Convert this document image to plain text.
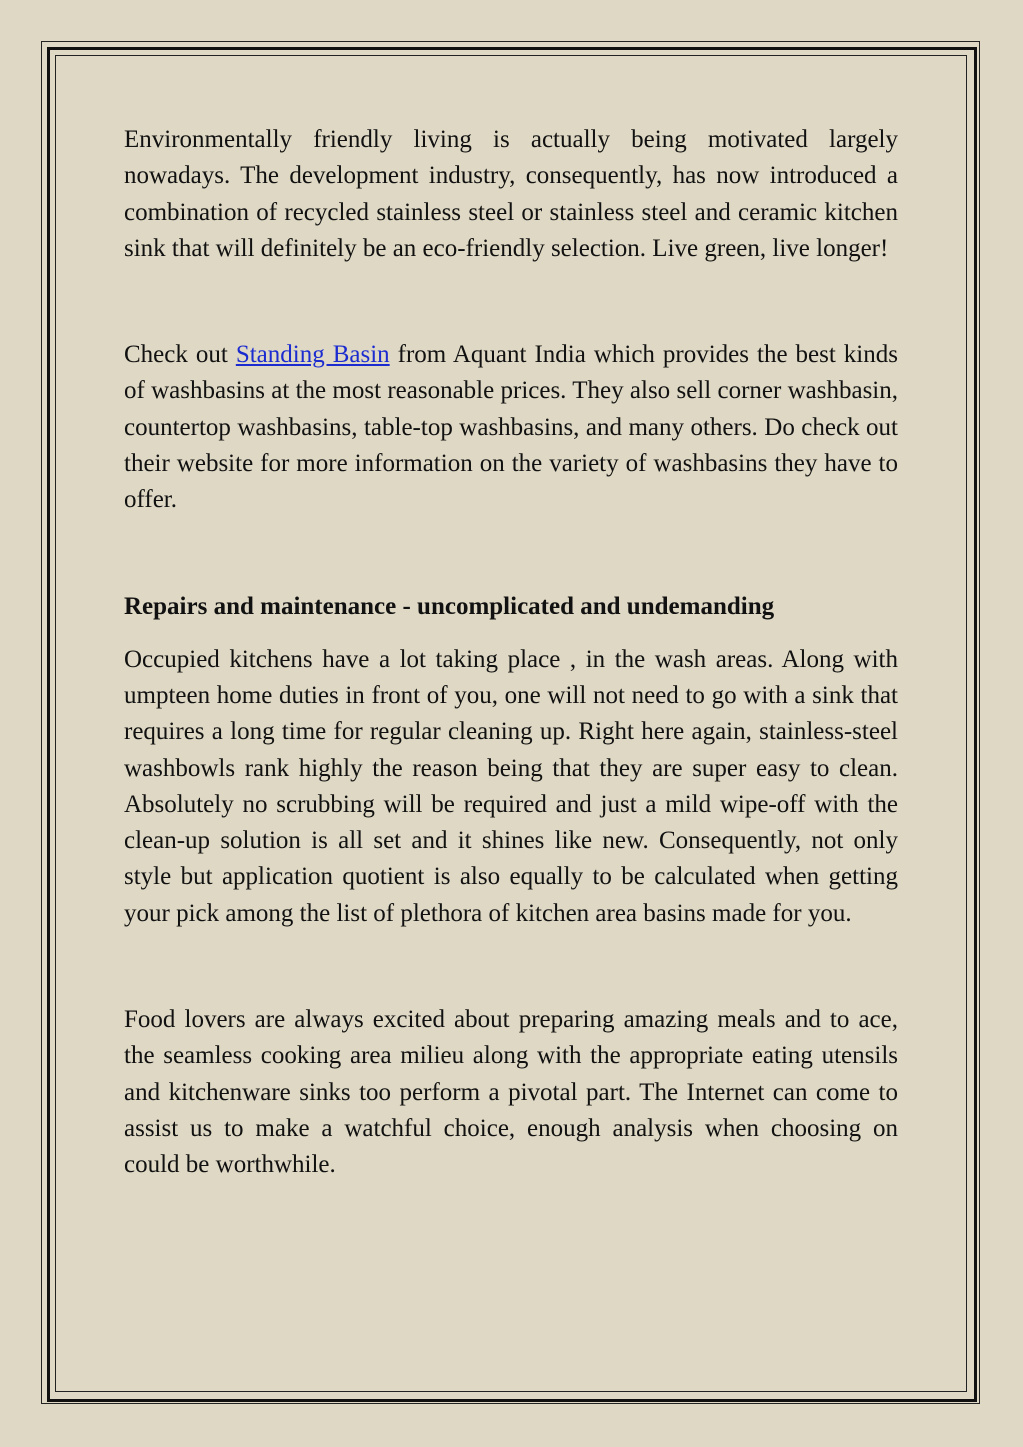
Environmentally friendly living is actually being motivated largely nowadays. The development industry, consequently, has now introduced a combination of recycled stainless steel or stainless steel and ceramic kitchen sink that will definitely be an eco-friendly selection. Live green, live longer!

Check out Standing Basin from Aquant India which provides the best kinds of washbasins at the most reasonable prices. They also sell corner washbasin, countertop washbasins, table-top washbasins, and many others. Do check out their website for more information on the variety of washbasins they have to offer.

Repairs and maintenance - uncomplicated and undemanding

Occupied kitchens have a lot taking place , in the wash areas. Along with umpteen home duties in front of you, one will not need to go with a sink that requires a long time for regular cleaning up. Right here again, stainless-steel washbowls rank highly the reason being that they are super easy to clean. Absolutely no scrubbing will be required and just a mild wipe-off with the clean-up solution is all set and it shines like new. Consequently, not only style but application quotient is also equally to be calculated when getting your pick among the list of plethora of kitchen area basins made for you.

Food lovers are always excited about preparing amazing meals and to ace, the seamless cooking area milieu along with the appropriate eating utensils and kitchenware sinks too perform a pivotal part. The Internet can come to assist us to make a watchful choice, enough analysis when choosing on could be worthwhile.
